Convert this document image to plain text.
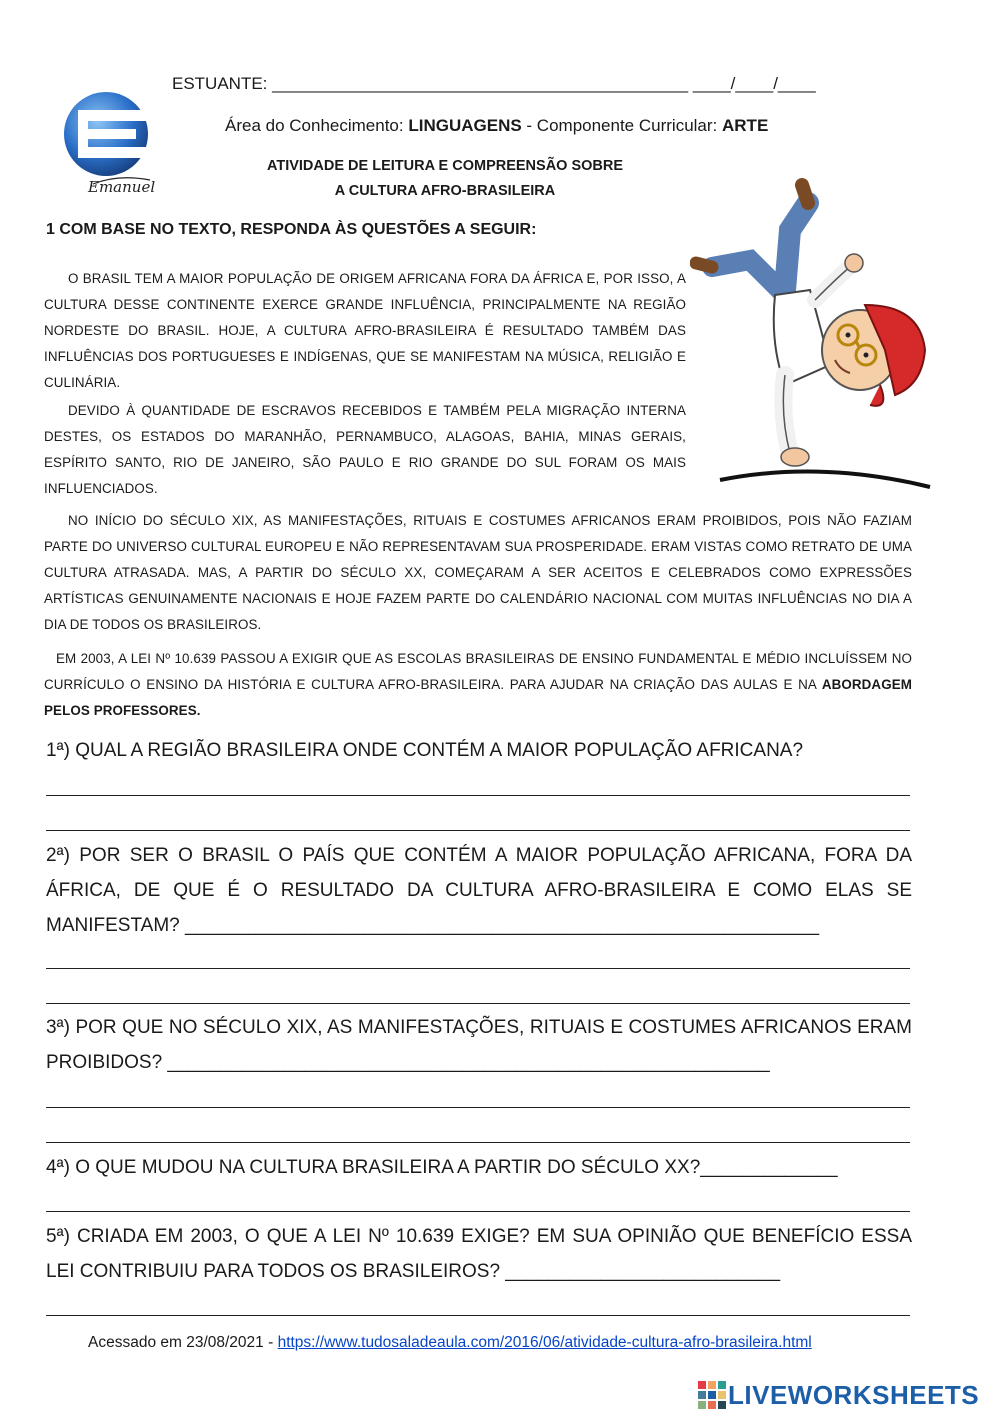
Emanuel
ESTUANTE: ____________________________________________ ____/____/____
Área do Conhecimento: LINGUAGENS - Componente Curricular: ARTE
ATIVIDADE DE LEITURA E COMPREENSÃO SOBRE
A CULTURA AFRO-BRASILEIRA
1 COM BASE NO TEXTO, RESPONDA ÀS QUESTÕES A SEGUIR:
O BRASIL TEM A MAIOR POPULAÇÃO DE ORIGEM AFRICANA FORA DA ÁFRICA E, POR ISSO, A CULTURA DESSE CONTINENTE EXERCE GRANDE INFLUÊNCIA, PRINCIPALMENTE NA REGIÃO NORDESTE DO BRASIL. HOJE, A CULTURA AFRO-BRASILEIRA É RESULTADO TAMBÉM DAS INFLUÊNCIAS DOS PORTUGUESES E INDÍGENAS, QUE SE MANIFESTAM NA MÚSICA, RELIGIÃO E CULINÁRIA.
DEVIDO À QUANTIDADE DE ESCRAVOS RECEBIDOS E TAMBÉM PELA MIGRAÇÃO INTERNA DESTES, OS ESTADOS DO MARANHÃO, PERNAMBUCO, ALAGOAS, BAHIA, MINAS GERAIS, ESPÍRITO SANTO, RIO DE JANEIRO, SÃO PAULO E RIO GRANDE DO SUL FORAM OS MAIS INFLUENCIADOS.
NO INÍCIO DO SÉCULO XIX, AS MANIFESTAÇÕES, RITUAIS E COSTUMES AFRICANOS ERAM PROIBIDOS, POIS NÃO FAZIAM PARTE DO UNIVERSO CULTURAL EUROPEU E NÃO REPRESENTAVAM SUA PROSPERIDADE. ERAM VISTAS COMO RETRATO DE UMA CULTURA ATRASADA. MAS, A PARTIR DO SÉCULO XX, COMEÇARAM A SER ACEITOS E CELEBRADOS COMO EXPRESSÕES ARTÍSTICAS GENUINAMENTE NACIONAIS E HOJE FAZEM PARTE DO CALENDÁRIO NACIONAL COM MUITAS INFLUÊNCIAS NO DIA A DIA DE TODOS OS BRASILEIROS.
EM 2003, A LEI Nº 10.639 PASSOU A EXIGIR QUE AS ESCOLAS BRASILEIRAS DE ENSINO FUNDAMENTAL E MÉDIO INCLUÍSSEM NO CURRÍCULO O ENSINO DA HISTÓRIA E CULTURA AFRO-BRASILEIRA. PARA AJUDAR NA CRIAÇÃO DAS AULAS E NA ABORDAGEM PELOS PROFESSORES.
1ª) QUAL A REGIÃO BRASILEIRA ONDE CONTÉM A MAIOR POPULAÇÃO AFRICANA?
2ª) POR SER O BRASIL O PAÍS QUE CONTÉM A MAIOR POPULAÇÃO AFRICANA, FORA DA ÁFRICA, DE QUE É O RESULTADO DA CULTURA AFRO-BRASILEIRA E COMO ELAS SE MANIFESTAM? ____________________________________________________________
3ª) POR QUE NO SÉCULO XIX, AS MANIFESTAÇÕES, RITUAIS E COSTUMES AFRICANOS ERAM PROIBIDOS? _________________________________________________________
4ª) O QUE MUDOU NA CULTURA BRASILEIRA A PARTIR DO SÉCULO XX?_____________
5ª) CRIADA EM 2003, O QUE A LEI Nº 10.639 EXIGE? EM SUA OPINIÃO QUE BENEFÍCIO ESSA LEI CONTRIBUIU PARA TODOS OS BRASILEIROS? __________________________
Acessado em 23/08/2021 - https://www.tudosaladeaula.com/2016/06/atividade-cultura-afro-brasileira.html
LIVEWORKSHEETS
